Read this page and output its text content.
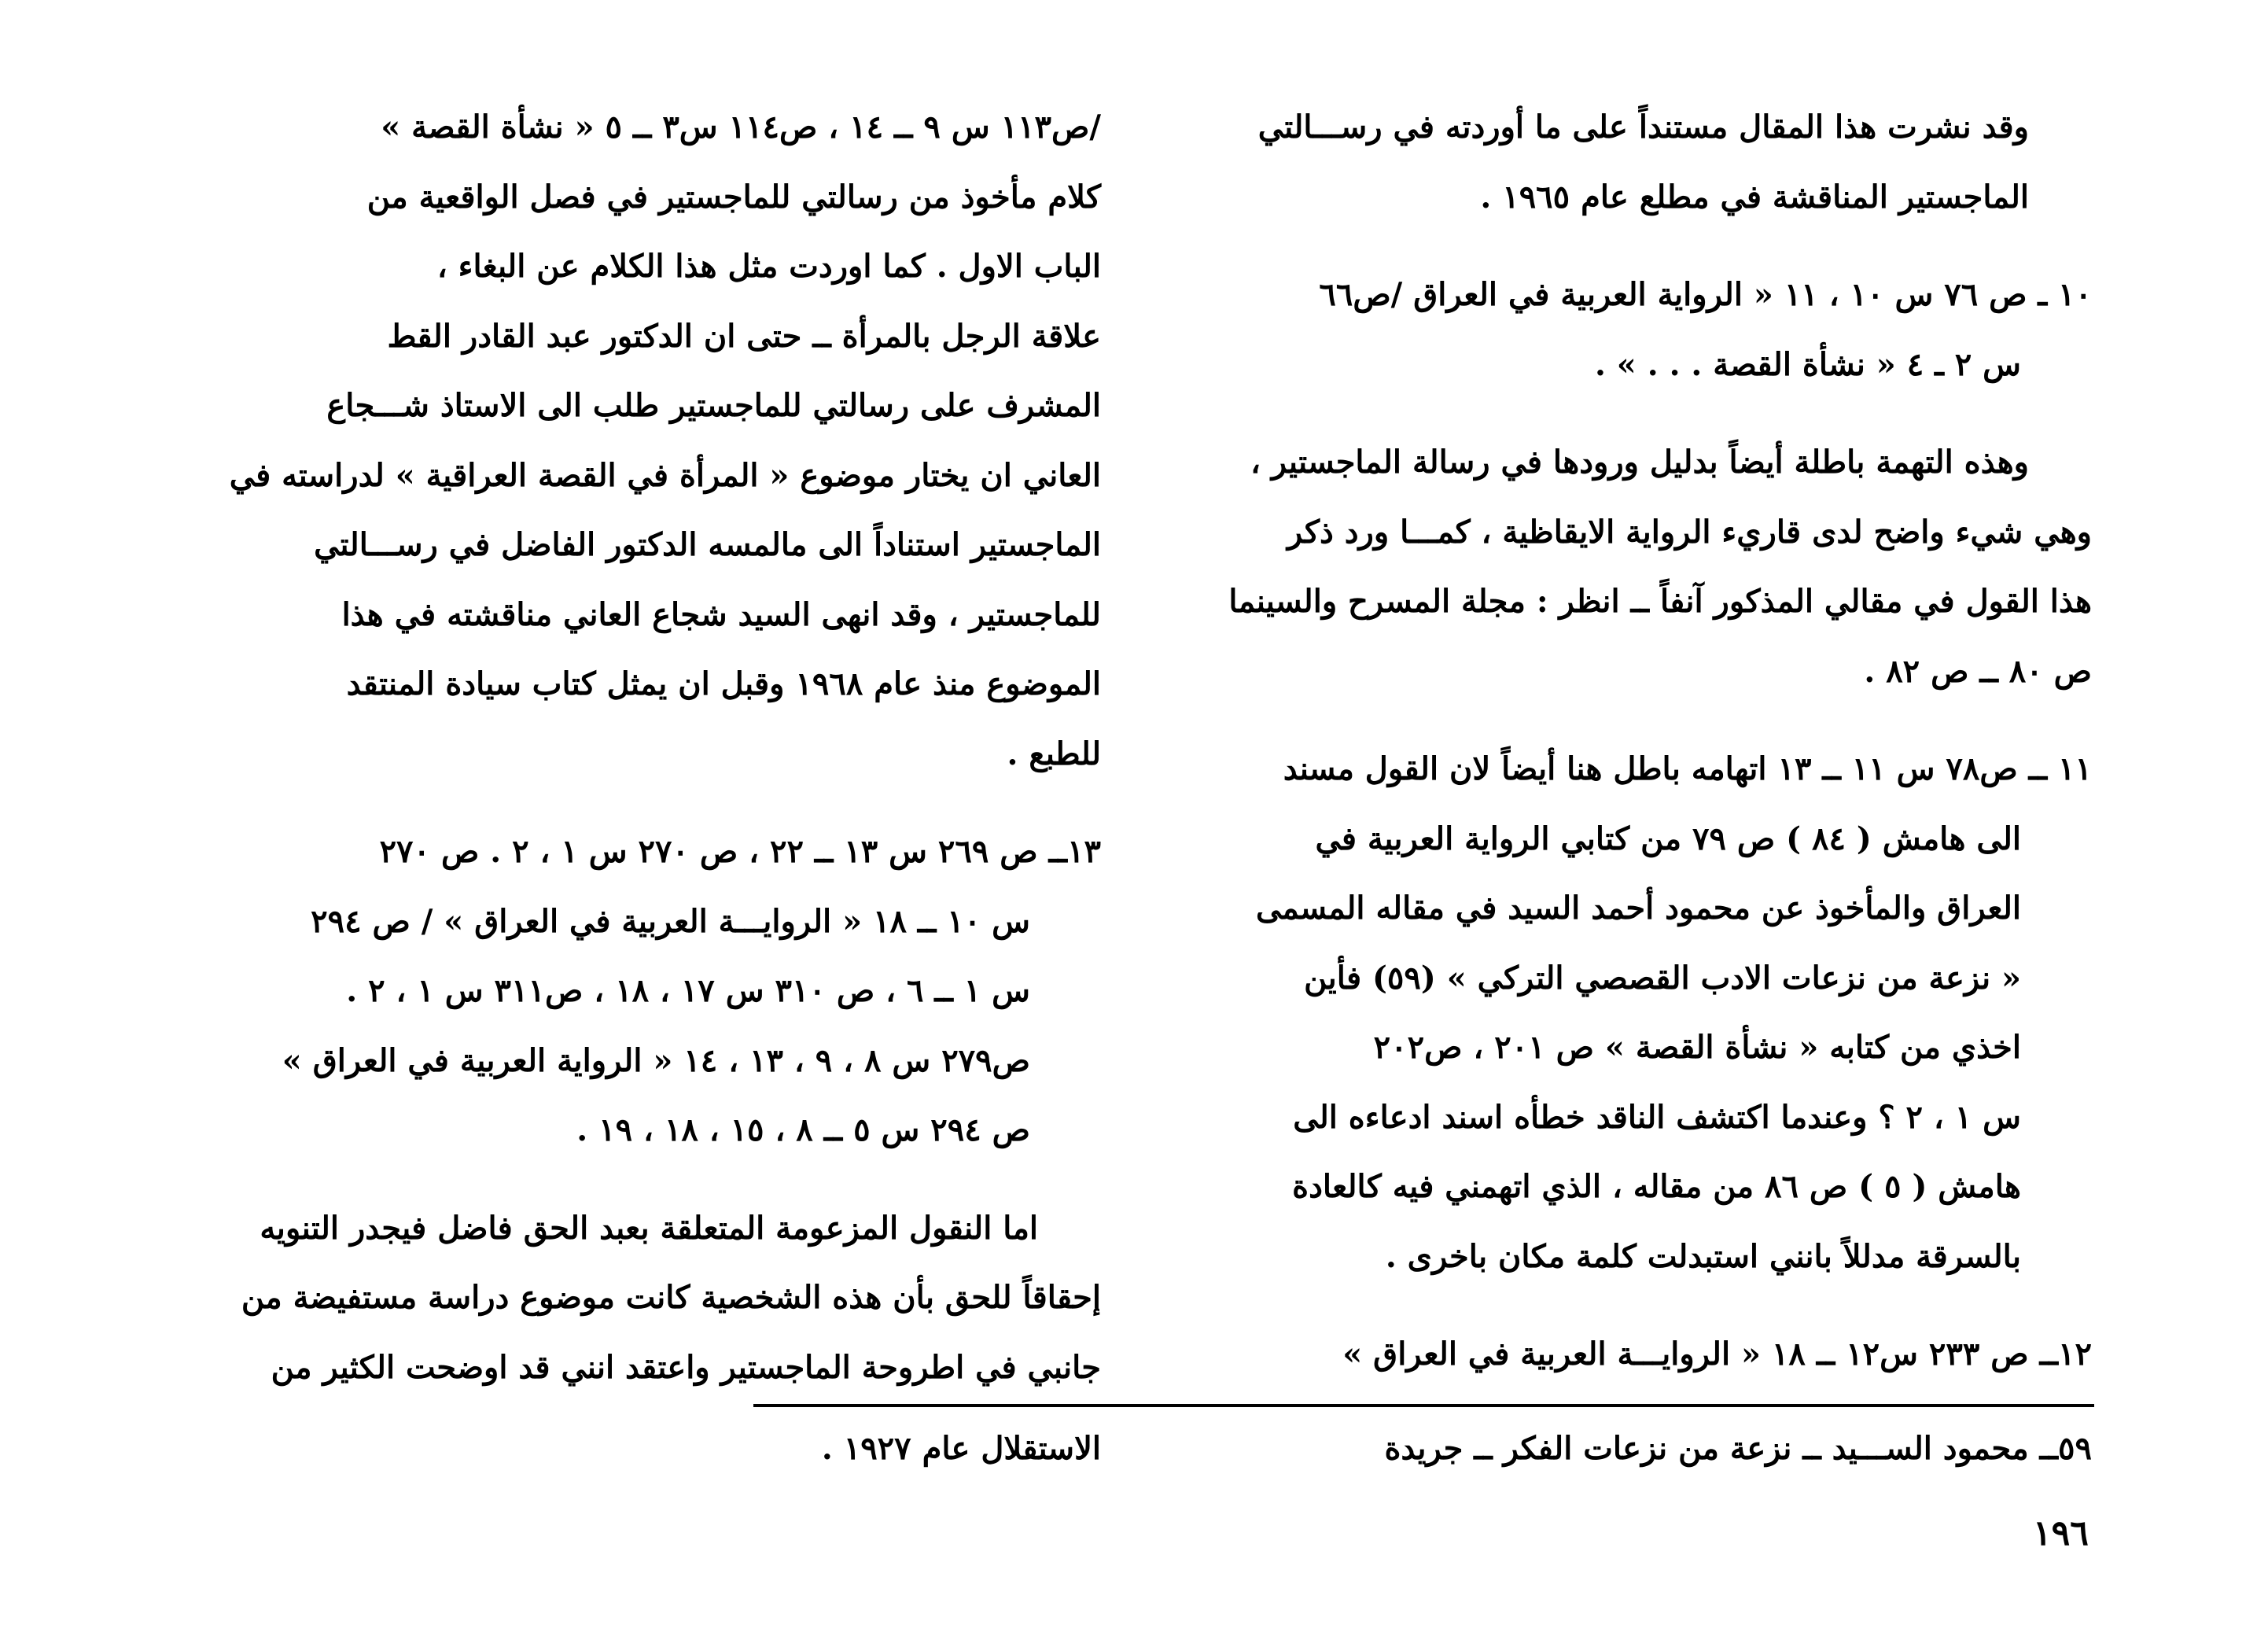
وقد نشرت هذا المقال مستنداً على ما أوردته في رســـالتي
الماجستير المناقشة في مطلع عام ١٩٦٥ .
١٠ ـ ص ٧٦ س ١٠ ، ١١ « الرواية العربية في العراق /ص٦٦
س ٢ ـ ٤ « نشأة القصة . . . » .
وهذه التهمة باطلة أيضاً بدليل ورودها في رسالة الماجستير ،
وهي شيء واضح لدى قاريء الرواية الايقاظية ، كمـــا ورد ذكر
هذا القول في مقالي المذكور آنفاً ــ انظر : مجلة المسرح والسينما
ص ٨٠ ــ ص ٨٢ .
١١ ــ ص٧٨ س ١١ ــ ١٣ اتهامه باطل هنا أيضاً لان القول مسند
الى هامش ( ٨٤ ) ص ٧٩ من كتابي الرواية العربية في
العراق والمأخوذ عن محمود أحمد السيد في مقاله المسمى
« نزعة من نزعات الادب القصصي التركي » (٥٩) فأين
اخذي من كتابه « نشأة القصة » ص ٢٠١ ، ص٢٠٢
س ١ ، ٢ ؟ وعندما اكتشف الناقد خطأه اسند ادعاءه الى
هامش ( ٥ ) ص ٨٦ من مقاله ، الذي اتهمني فيه كالعادة
بالسرقة مدللاً بانني استبدلت كلمة مكان باخرى .
١٢ــ ص ٢٣٣ س١٢ ــ ١٨ « الروايـــة العربية في العراق »
/ص١١٣ س ٩ ــ ١٤ ، ص١١٤ س٣ ــ ٥ « نشأة القصة »
كلام مأخوذ من رسالتي للماجستير في فصل الواقعية من
الباب الاول . كما اوردت مثل هذا الكلام عن البغاء ،
علاقة الرجل بالمرأة ــ حتى ان الدكتور عبد القادر القط
المشرف على رسالتي للماجستير طلب الى الاستاذ شـــجاع
العاني ان يختار موضوع « المرأة في القصة العراقية » لدراسته في
الماجستير استناداً الى مالمسه الدكتور الفاضل في رســـالتي
للماجستير ، وقد انهى السيد شجاع العاني مناقشته في هذا
الموضوع منذ عام ١٩٦٨ وقبل ان يمثل كتاب سيادة المنتقد
للطبع .
١٣ــ ص ٢٦٩ س ١٣ ــ ٢٢ ، ص ٢٧٠ س ١ ، ٢ . ص ٢٧٠
س ١٠ ــ ١٨ « الروايـــة العربية في العراق » / ص ٢٩٤
س ١ ــ ٦ ، ص ٣١٠ س ١٧ ، ١٨ ، ص٣١١ س ١ ، ٢ .
ص٢٧٩ س ٨ ، ٩ ، ١٣ ، ١٤ « الرواية العربية في العراق »
ص ٢٩٤ س ٥ ــ ٨ ، ١٥ ، ١٨ ، ١٩ .
اما النقول المزعومة المتعلقة بعبد الحق فاضل فيجدر التنويه
إحقاقاً للحق بأن هذه الشخصية كانت موضوع دراسة مستفيضة من
جانبي في اطروحة الماجستير واعتقد انني قد اوضحت الكثير من
٥٩ــ محمود الســـيد ــ نزعة من نزعات الفكر ــ جريدة
الاستقلال عام ١٩٢٧ .
١٩٦
